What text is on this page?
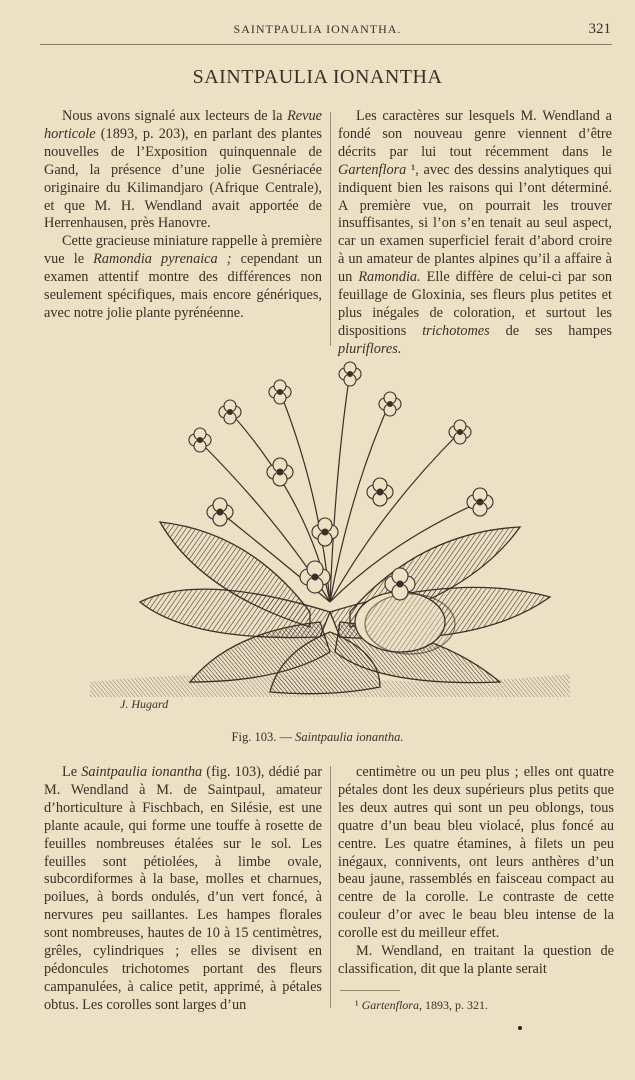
SAINTPAULIA IONANTHA.	321
SAINTPAULIA IONANTHA

Nous avons signalé aux lecteurs de la Revue horticole (1893, p. 203), en parlant des plantes nouvelles de l’Exposition quinquennale de Gand, la présence d’une jolie Gesnériacée originaire du Kilimandjaro (Afrique Centrale), et que M. H. Wendland avait apportée de Herrenhausen, près Hanovre.

Cette gracieuse miniature rappelle à première vue le Ramondia pyrenaica ; cependant un examen attentif montre des différences non seulement spécifiques, mais encore génériques, avec notre jolie plante pyrénéenne.

Les caractères sur lesquels M. Wendland a fondé son nouveau genre viennent d’être décrits par lui tout récemment dans le Gartenflora ¹, avec des dessins analytiques qui indiquent bien les raisons qui l’ont déterminé. A première vue, on pourrait les trouver insuffisantes, si l’on s’en tenait au seul aspect, car un examen superficiel ferait d’abord croire à un amateur de plantes alpines qu’il a affaire à un Ramondia. Elle diffère de celui-ci par son feuillage de Gloxinia, ses fleurs plus petites et plus inégales de coloration, et surtout les dispositions trichotomes de ses hampes pluriflores.

J. Hugard
Fig. 103. — Saintpaulia ionantha.

Le Saintpaulia ionantha (fig. 103), dédié par M. Wendland à M. de Saintpaul, amateur d’horticulture à Fischbach, en Silésie, est une plante acaule, qui forme une touffe à rosette de feuilles nombreuses étalées sur le sol. Les feuilles sont pétiolées, à limbe ovale, subcordiformes à la base, molles et charnues, poilues, à bords ondulés, d’un vert foncé, à nervures peu saillantes. Les hampes florales sont nombreuses, hautes de 10 à 15 centimètres, grêles, cylindriques ; elles se divisent en pédoncules trichotomes portant des fleurs campanulées, à calice petit, apprimé, à pétales obtus. Les corolles sont larges d’un

centimètre ou un peu plus ; elles ont quatre pétales dont les deux supérieurs plus petits que les deux autres qui sont un peu oblongs, tous quatre d’un beau bleu violacé, plus foncé au centre. Les quatre étamines, à filets un peu inégaux, connivents, ont leurs anthères d’un beau jaune, rassemblés en faisceau compact au centre de la corolle. Le contraste de cette couleur d’or avec le beau bleu intense de la corolle est du meilleur effet.

M. Wendland, en traitant la question de classification, dit que la plante serait

¹ Gartenflora, 1893, p. 321.
